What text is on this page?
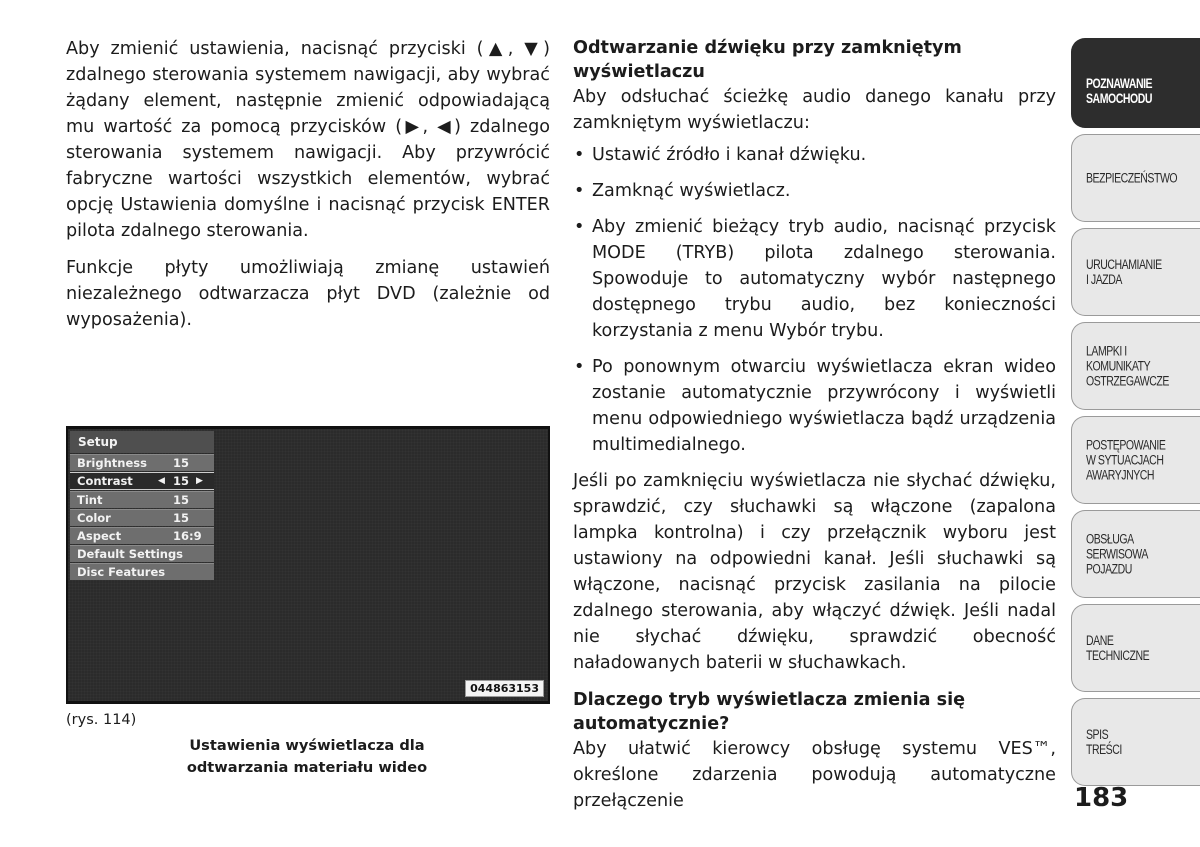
Aby zmienić ustawienia, nacisnąć przyciski (▲, ▼) zdalnego sterowania systemem nawigacji, aby wybrać żądany element, następnie zmienić odpowiadającą mu wartość za pomocą przycisków (▶, ◀) zdalnego sterowania systemem nawigacji. Aby przywrócić fabryczne wartości wszystkich elementów, wybrać opcję Ustawienia domyślne i nacisnąć przycisk ENTER pilota zdalnego sterowania.

Funkcje płyty umożliwiają zmianę ustawień niezależnego odtwarzacza płyt DVD (zależnie od wyposażenia).

Setup
Brightness 15
Contrast	◀ 15 ▶
Tint	15
Color	15
Aspect	16:9
Default Settings
Disc Features
044863153
(rys. 114)
Ustawienia wyświetlacza dla odtwarzania materiału wideo
Odtwarzanie dźwięku przy zamkniętym wyświetlaczu

Aby odsłuchać ścieżkę audio danego kanału przy zamkniętym wyświetlaczu:

• Ustawić źródło i kanał dźwięku.
• Zamknąć wyświetlacz.
• Aby zmienić bieżący tryb audio, nacisnąć przycisk MODE (TRYB) pilota zdalnego sterowania. Spowoduje to automatyczny wybór następnego dostępnego trybu audio, bez konieczności korzystania z menu Wybór trybu.
• Po ponownym otwarciu wyświetlacza ekran wideo zostanie automatycznie przywrócony i wyświetli menu odpowiedniego wyświetlacza bądź urządzenia multimedialnego.

Jeśli po zamknięciu wyświetlacza nie słychać dźwięku, sprawdzić, czy słuchawki są włączone (zapalona lampka kontrolna) i czy przełącznik wyboru jest ustawiony na odpowiedni kanał. Jeśli słuchawki są włączone, nacisnąć przycisk zasilania na pilocie zdalnego sterowania, aby włączyć dźwięk. Jeśli nadal nie słychać dźwięku, sprawdzić obecność naładowanych baterii w słuchawkach.

Dlaczego tryb wyświetlacza zmienia się automatycznie?

Aby ułatwić kierowcy obsługę systemu VES™, określone zdarzenia powodują automatyczne przełączenie

POZNAWANIE
SAMOCHODU
BEZPIECZEŃSTWO
URUCHAMIANIE
I JAZDA
LAMPKI I
KOMUNIKATY
OSTRZEGAWCZE
POSTĘPOWANIE
W SYTUACJACH
AWARYJNYCH
OBSŁUGA
SERWISOWA
POJAZDU
DANE
TECHNICZNE
SPIS
TREŚCI
183
